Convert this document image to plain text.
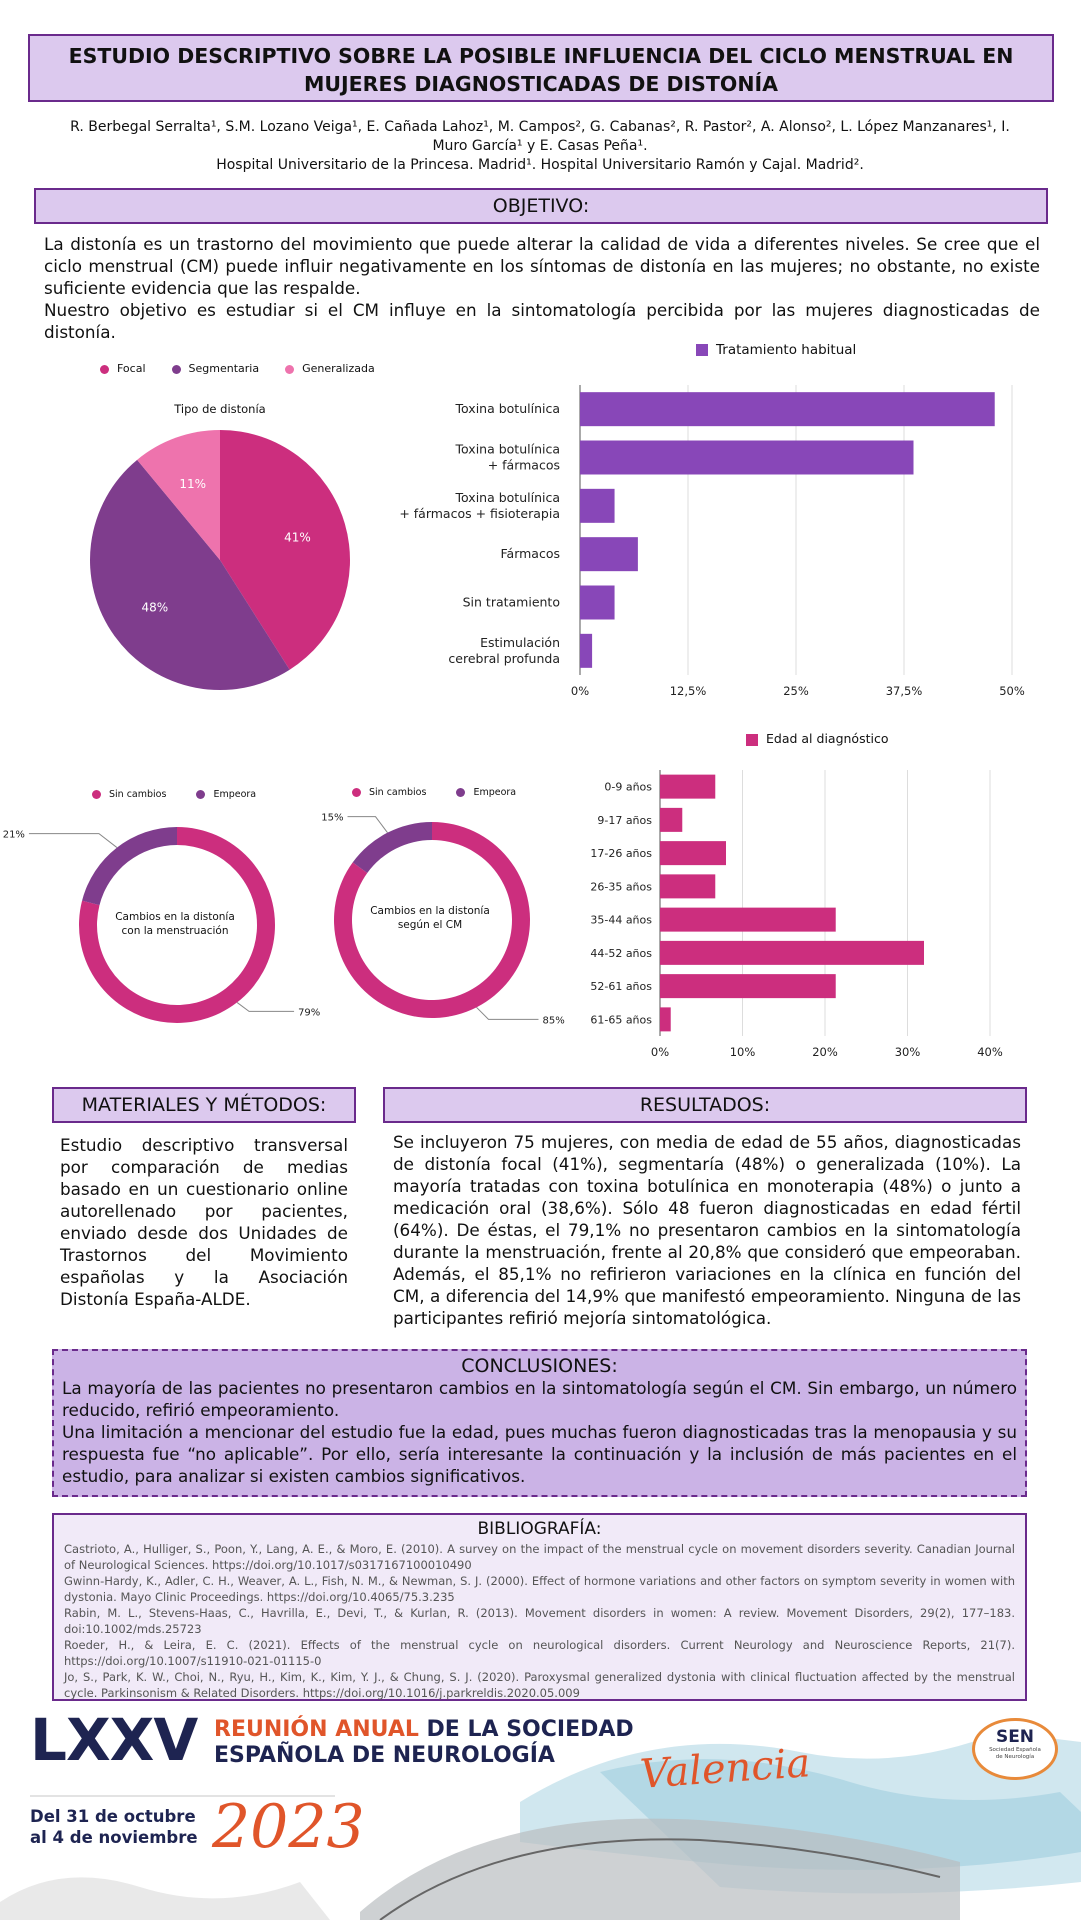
ESTUDIO DESCRIPTIVO SOBRE LA POSIBLE INFLUENCIA DEL CICLO MENSTRUAL EN
MUJERES DIAGNOSTICADAS DE DISTONÍA
R. Berbegal Serralta¹, S.M. Lozano Veiga¹, E. Cañada Lahoz¹, M. Campos², G. Cabanas², R. Pastor², A. Alonso², L. López Manzanares¹, I.
Muro García¹ y E. Casas Peña¹.
Hospital Universitario de la Princesa. Madrid¹. Hospital Universitario Ramón y Cajal. Madrid².
OBJETIVO:

La distonía es un trastorno del movimiento que puede alterar la calidad de vida a diferentes niveles. Se cree que el ciclo menstrual (CM) puede influir negativamente en los síntomas de distonía en las mujeres; no obstante, no existe suficiente evidencia que las respalde.

Nuestro objetivo es estudiar si el CM influye en la sintomatología percibida por las mujeres diagnosticadas de distonía.

Focal	Segmentaria	Generalizada
Tipo de distonía
41%
48%
11%
Tratamiento habitual
Toxina botulínica
Toxina botulínica
+ fármacos
Toxina botulínica
+ fármacos + fisioterapia
Fármacos
Sin tratamiento
Estimulación
cerebral profunda
0%	12,5%	25%	37,5%	50%
Sin cambios	Empeora
79%
21%
Cambios en la distonía
con la menstruación
Sin cambios	Empeora
85%
15%
Cambios en la distonía
según el CM
Edad al diagnóstico
0-9 años
9-17 años
17-26 años
26-35 años
35-44 años
44-52 años
52-61 años
61-65 años
0%	10%	20%	30%	40%
MATERIALES Y MÉTODOS:
Estudio descriptivo transversal por comparación de medias basado en un cuestionario online autorellenado por pacientes, enviado desde dos Unidades de Trastornos del Movimiento españolas y la Asociación Distonía España-ALDE.
RESULTADOS:
Se incluyeron 75 mujeres, con media de edad de 55 años, diagnosticadas de distonía focal (41%), segmentaría (48%) o generalizada (10%). La mayoría tratadas con toxina botulínica en monoterapia (48%) o junto a medicación oral (38,6%). Sólo 48 fueron diagnosticadas en edad fértil (64%). De éstas, el 79,1% no presentaron cambios en la sintomatología durante la menstruación, frente al 20,8% que consideró que empeoraban. Además, el 85,1% no refirieron variaciones en la clínica en función del CM, a diferencia del 14,9% que manifestó empeoramiento. Ninguna de las participantes refirió mejoría sintomatológica.
CONCLUSIONES:

La mayoría de las pacientes no presentaron cambios en la sintomatología según el CM. Sin embargo, un número reducido, refirió empeoramiento.

Una limitación a mencionar del estudio fue la edad, pues muchas fueron diagnosticadas tras la menopausia y su respuesta fue “no aplicable”. Por ello, sería interesante la continuación y la inclusión de más pacientes en el estudio, para analizar si existen cambios significativos.

BIBLIOGRAFÍA:
Castrioto, A., Hulliger, S., Poon, Y., Lang, A. E., & Moro, E. (2010). A survey on the impact of the menstrual cycle on movement disorders severity. Canadian Journal of Neurological Sciences. https://doi.org/10.1017/s0317167100010490
Gwinn-Hardy, K., Adler, C. H., Weaver, A. L., Fish, N. M., & Newman, S. J. (2000). Effect of hormone variations and other factors on symptom severity in women with dystonia. Mayo Clinic Proceedings. https://doi.org/10.4065/75.3.235
Rabin, M. L., Stevens-Haas, C., Havrilla, E., Devi, T., & Kurlan, R. (2013). Movement disorders in women: A review. Movement Disorders, 29(2), 177–183. doi:10.1002/mds.25723
Roeder, H., & Leira, E. C. (2021). Effects of the menstrual cycle on neurological disorders. Current Neurology and Neuroscience Reports, 21(7). https://doi.org/10.1007/s11910-021-01115-0
Jo, S., Park, K. W., Choi, N., Ryu, H., Kim, K., Kim, Y. J., & Chung, S. J. (2020). Paroxysmal generalized dystonia with clinical fluctuation affected by the menstrual cycle. Parkinsonism & Related Disorders. https://doi.org/10.1016/j.parkreldis.2020.05.009
LXXV REUNIÓN ANUAL DE LA SOCIEDAD
ESPAÑOLA DE NEUROLOGÍA	Valencia
Del 31 de octubre
al 4 de noviembre 2023
SEN
Sociedad Española
de Neurología
